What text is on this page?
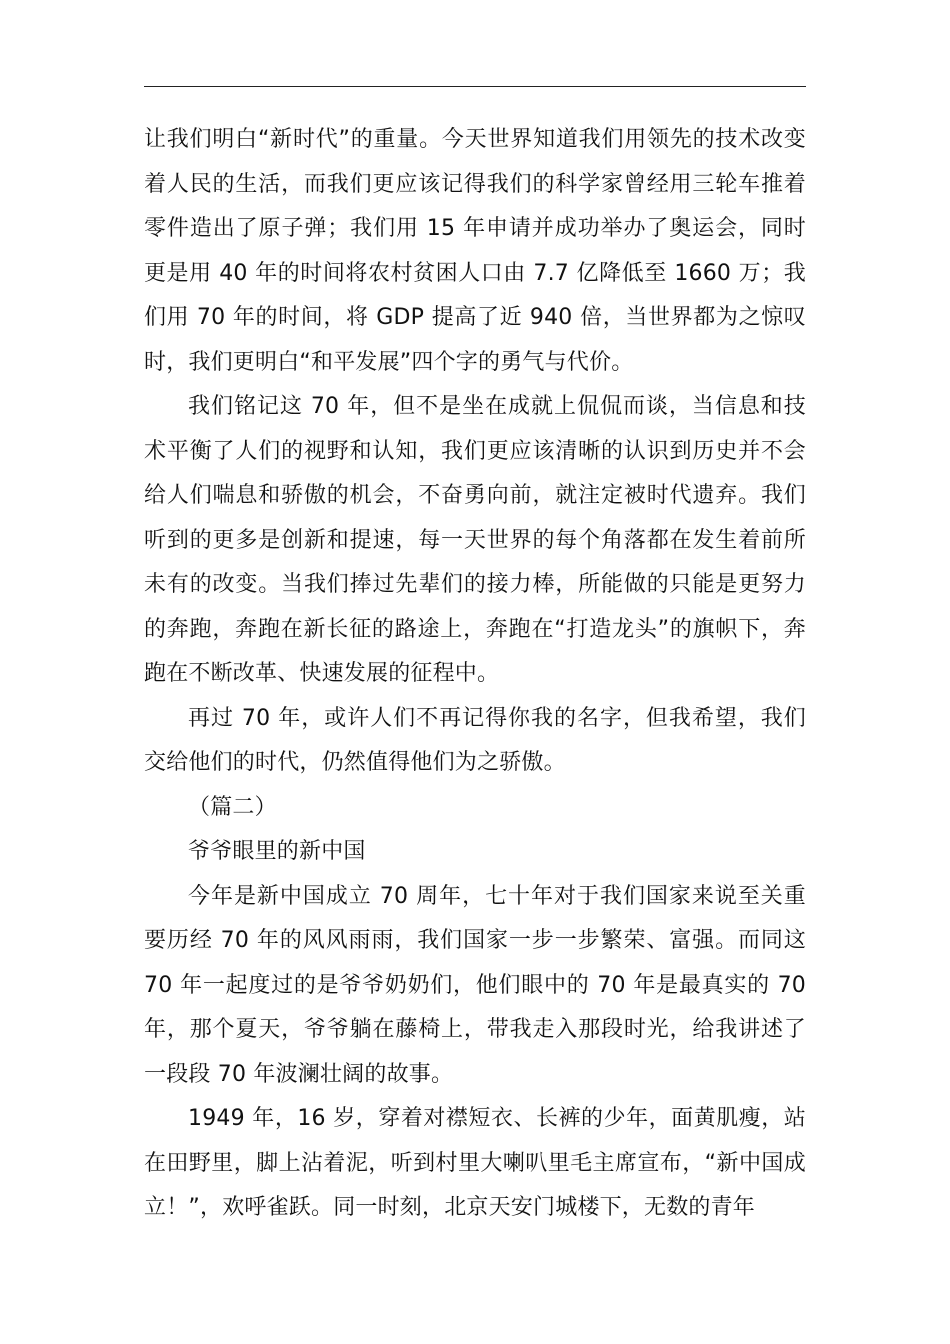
让我们明白“新时代”的重量。今天世界知道我们用领先的技术改变着人民的生活，而我们更应该记得我们的科学家曾经用三轮车推着零件造出了原子弹；我们用 15 年申请并成功举办了奥运会，同时更是用 40 年的时间将农村贫困人口由 7.7 亿降低至 1660 万；我们用 70 年的时间，将 GDP 提高了近 940 倍，当世界都为之惊叹时，我们更明白“和平发展”四个字的勇气与代价。

我们铭记这 70 年，但不是坐在成就上侃侃而谈，当信息和技术平衡了人们的视野和认知，我们更应该清晰的认识到历史并不会给人们喘息和骄傲的机会，不奋勇向前，就注定被时代遗弃。我们听到的更多是创新和提速，每一天世界的每个角落都在发生着前所未有的改变。当我们捧过先辈们的接力棒，所能做的只能是更努力的奔跑，奔跑在新长征的路途上，奔跑在“打造龙头”的旗帜下，奔跑在不断改革、快速发展的征程中。

再过 70 年，或许人们不再记得你我的名字，但我希望，我们交给他们的时代，仍然值得他们为之骄傲。

（篇二）

爷爷眼里的新中国

今年是新中国成立 70 周年，七十年对于我们国家来说至关重要历经 70 年的风风雨雨，我们国家一步一步繁荣、富强。而同这 70 年一起度过的是爷爷奶奶们，他们眼中的 70 年是最真实的 70 年，那个夏天，爷爷躺在藤椅上，带我走入那段时光，给我讲述了一段段 70 年波澜壮阔的故事。

1949 年，16 岁，穿着对襟短衣、长裤的少年，面黄肌瘦，站在田野里，脚上沾着泥，听到村里大喇叭里毛主席宣布，“新中国成立！”，欢呼雀跃。同一时刻，北京天安门城楼下，无数的青年
